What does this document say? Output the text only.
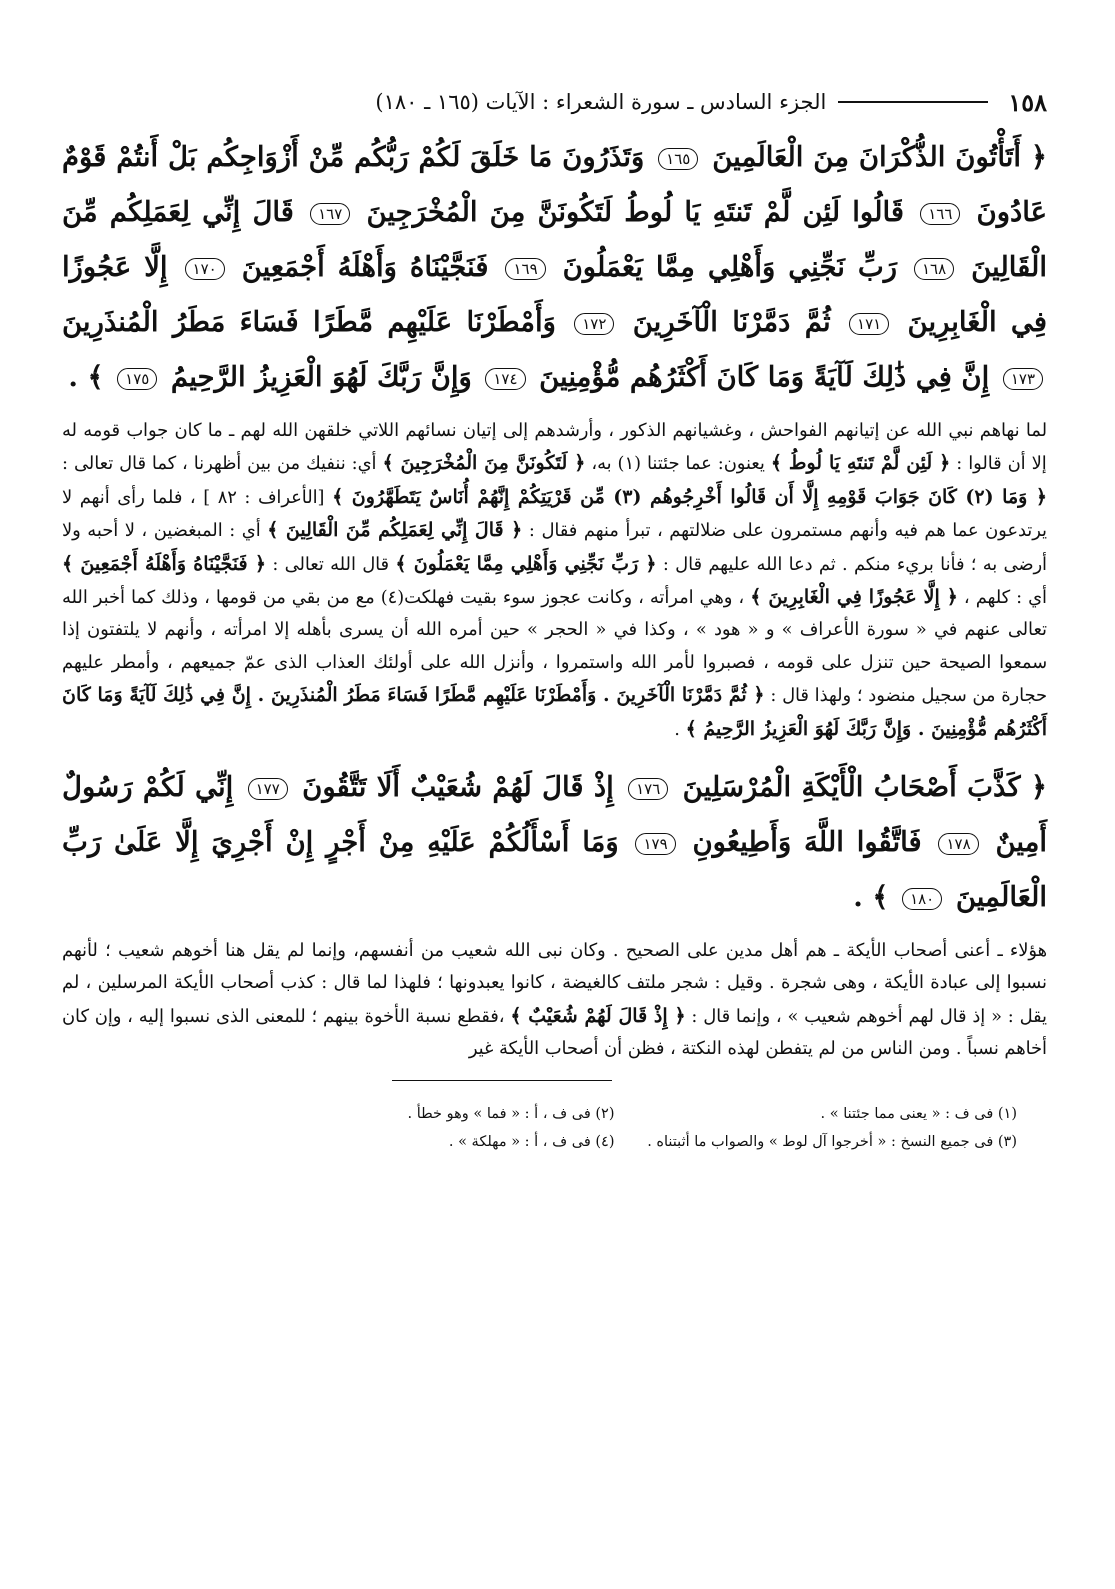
١٥٨
الجزء السادس ـ سورة الشعراء : الآيات (١٦٥ ـ ١٨٠)
﴿ أَتَأْتُونَ الذُّكْرَانَ مِنَ الْعَالَمِينَ ١٦٥ وَتَذَرُونَ مَا خَلَقَ لَكُمْ رَبُّكُم مِّنْ أَزْوَاجِكُم بَلْ أَنتُمْ قَوْمٌ عَادُونَ ١٦٦ قَالُوا لَئِن لَّمْ تَنتَهِ يَا لُوطُ لَتَكُونَنَّ مِنَ الْمُخْرَجِينَ ١٦٧ قَالَ إِنِّي لِعَمَلِكُم مِّنَ الْقَالِينَ ١٦٨ رَبِّ نَجِّنِي وَأَهْلِي مِمَّا يَعْمَلُونَ ١٦٩ فَنَجَّيْنَاهُ وَأَهْلَهُ أَجْمَعِينَ ١٧٠ إِلَّا عَجُوزًا فِي الْغَابِرِينَ ١٧١ ثُمَّ دَمَّرْنَا الْآخَرِينَ ١٧٢ وَأَمْطَرْنَا عَلَيْهِم مَّطَرًا فَسَاءَ مَطَرُ الْمُنذَرِينَ ١٧٣ إِنَّ فِي ذَٰلِكَ لَآيَةً وَمَا كَانَ أَكْثَرُهُم مُّؤْمِنِينَ ١٧٤ وَإِنَّ رَبَّكَ لَهُوَ الْعَزِيزُ الرَّحِيمُ ١٧٥ ﴾ .
لما نهاهم نبي الله عن إتيانهم الفواحش ، وغشيانهم الذكور ، وأرشدهم إلى إتيان نسائهم اللاتي خلقهن الله لهم ـ ما كان جواب قومه له إلا أن قالوا : ﴿ لَئِن لَّمْ تَنتَهِ يَا لُوطُ ﴾ يعنون: عما جئتنا (١) به، ﴿ لَتَكُونَنَّ مِنَ الْمُخْرَجِينَ ﴾ أي: ننفيك من بين أظهرنا ، كما قال تعالى : ﴿ وَمَا (٢) كَانَ جَوَابَ قَوْمِهِ إِلَّا أَن قَالُوا أَخْرِجُوهُم (٣) مِّن قَرْيَتِكُمْ إِنَّهُمْ أُنَاسٌ يَتَطَهَّرُونَ ﴾ [الأعراف : ٨٢ ] ، فلما رأى أنهم لا يرتدعون عما هم فيه وأنهم مستمرون على ضلالتهم ، تبرأ منهم فقال : ﴿ قَالَ إِنِّي لِعَمَلِكُم مِّنَ الْقَالِينَ ﴾ أي : المبغضين ، لا أحبه ولا أرضى به ؛ فأنا بريء منكم . ثم دعا الله عليهم قال : ﴿ رَبِّ نَجِّنِي وَأَهْلِي مِمَّا يَعْمَلُونَ ﴾ قال الله تعالى : ﴿ فَنَجَّيْنَاهُ وَأَهْلَهُ أَجْمَعِينَ ﴾ أي : كلهم ، ﴿ إِلَّا عَجُوزًا فِي الْغَابِرِينَ ﴾ ، وهي امرأته ، وكانت عجوز سوء بقيت فهلكت(٤) مع من بقي من قومها ، وذلك كما أخبر الله تعالى عنهم في « سورة الأعراف » و « هود » ، وكذا في « الحجر » حين أمره الله أن يسرى بأهله إلا امرأته ، وأنهم لا يلتفتون إذا سمعوا الصيحة حين تنزل على قومه ، فصبروا لأمر الله واستمروا ، وأنزل الله على أولئك العذاب الذى عمّ جميعهم ، وأمطر عليهم حجارة من سجيل منضود ؛ ولهذا قال : ﴿ ثُمَّ دَمَّرْنَا الْآخَرِينَ . وَأَمْطَرْنَا عَلَيْهِم مَّطَرًا فَسَاءَ مَطَرُ الْمُنذَرِينَ . إِنَّ فِي ذَٰلِكَ لَآيَةً وَمَا كَانَ أَكْثَرُهُم مُّؤْمِنِينَ . وَإِنَّ رَبَّكَ لَهُوَ الْعَزِيزُ الرَّحِيمُ ﴾ .
﴿ كَذَّبَ أَصْحَابُ الْأَيْكَةِ الْمُرْسَلِينَ ١٧٦ إِذْ قَالَ لَهُمْ شُعَيْبٌ أَلَا تَتَّقُونَ ١٧٧ إِنِّي لَكُمْ رَسُولٌ أَمِينٌ ١٧٨ فَاتَّقُوا اللَّهَ وَأَطِيعُونِ ١٧٩ وَمَا أَسْأَلُكُمْ عَلَيْهِ مِنْ أَجْرٍ إِنْ أَجْرِيَ إِلَّا عَلَىٰ رَبِّ الْعَالَمِينَ ١٨٠ ﴾ .
هؤلاء ـ أعنى أصحاب الأيكة ـ هم أهل مدين على الصحيح . وكان نبى الله شعيب من أنفسهم، وإنما لم يقل هنا أخوهم شعيب ؛ لأنهم نسبوا إلى عبادة الأيكة ، وهى شجرة . وقيل : شجر ملتف كالغيضة ، كانوا يعبدونها ؛ فلهذا لما قال : كذب أصحاب الأيكة المرسلين ، لم يقل : « إذ قال لهم أخوهم شعيب » ، وإنما قال : ﴿ إِذْ قَالَ لَهُمْ شُعَيْبٌ ﴾ ،فقطع نسبة الأخوة بينهم ؛ للمعنى الذى نسبوا إليه ، وإن كان أخاهم نسباً . ومن الناس من لم يتفطن لهذه النكتة ، فظن أن أصحاب الأيكة غير
(١) فى ف : « يعنى مما جئتنا » .
(٢) فى ف ، أ : « فما » وهو خطأ .
(٣) فى جميع النسخ : « أخرجوا آل لوط » والصواب ما أثبتناه .
(٤) فى ف ، أ : « مهلكة » .
